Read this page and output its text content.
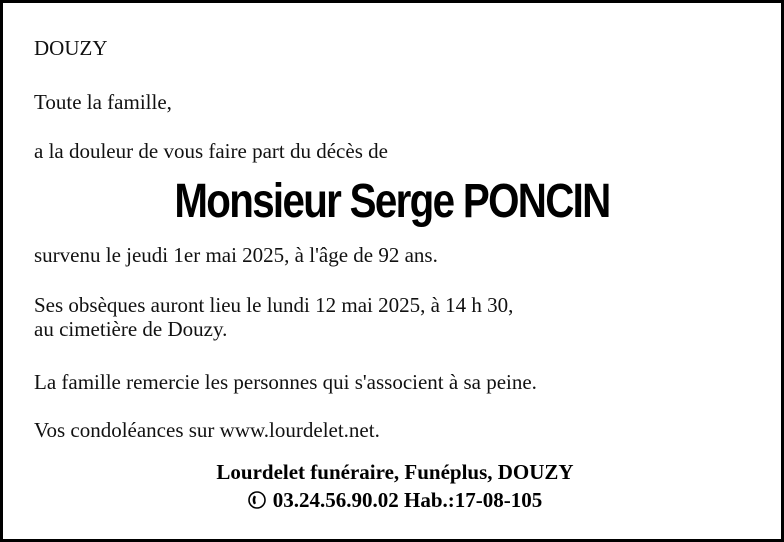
DOUZY
Toute la famille,
a la douleur de vous faire part du décès de
Monsieur Serge PONCIN
survenu le jeudi 1er mai 2025, à l'âge de 92 ans.
Ses obsèques auront lieu le lundi 12 mai 2025, à 14 h 30,
au cimetière de Douzy.
La famille remercie les personnes qui s'associent à sa peine.
Vos condoléances sur www.lourdelet.net.
Lourdelet funéraire, Funéplus, DOUZY
03.24.56.90.02 Hab.:17-08-105
